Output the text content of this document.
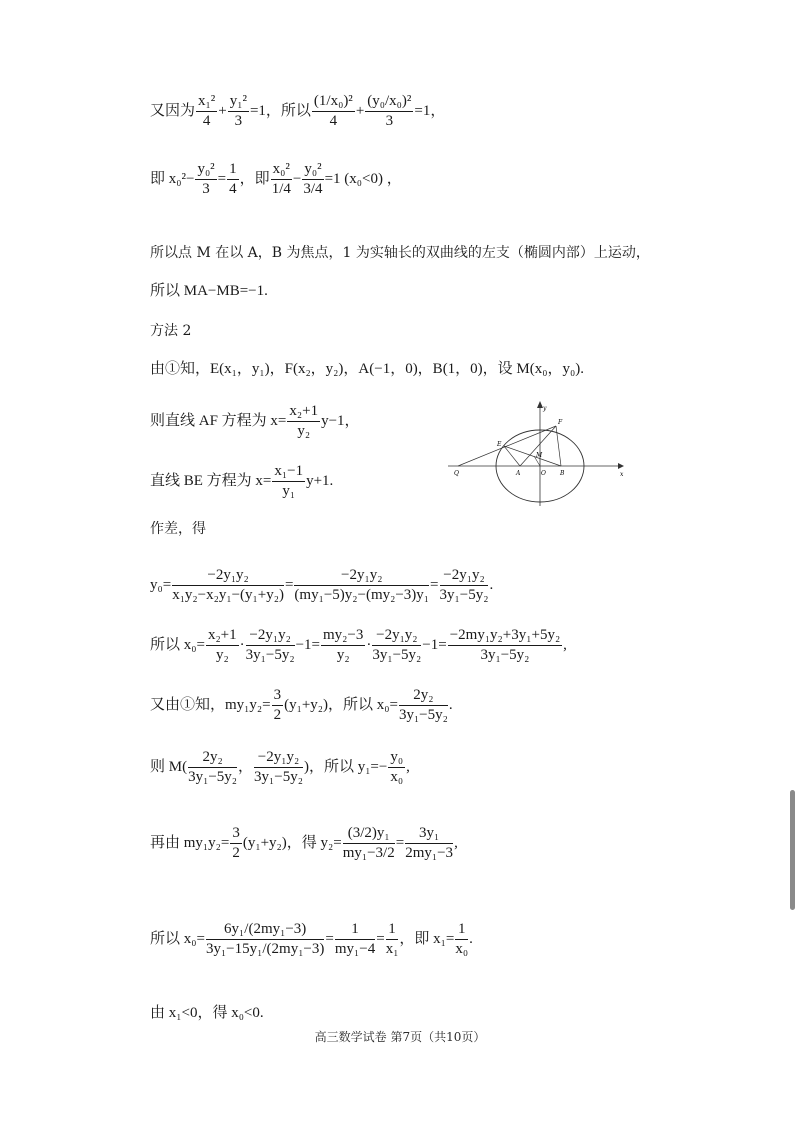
又因为 $\frac{\text{x₁²}}{4} + \frac{\text{y₁²}}{3} =1$，所以 $\frac{\text{(1/x₀)²}}{4} + \frac{\text{(y₀/x₀)²}}{3} =1$，
即 $x_0^2- \frac{\text{y₀²}}{3} = \frac{1}{4}$ ，即 $\frac{\text{x₀²}}{1/4} - \frac{\text{y₀²}}{3/4} =1$ (x₀<0) ，
所以点 M 在以 A，B 为焦点，1 为实轴长的双曲线的左支（椭圆内部）上运动，
所以 MA−MB=−1.
方法 2
由①知，E(x₁，y₁)，F(x₂，y₂)，A(−1，0)，B(1，0)，设 M(x₀，y₀).
则直线 AF 方程为 $x= \frac{\text{x₂+1}}{\text{y₂}} y-1$，
直线 BE 方程为 $x= \frac{\text{x₁−1}}{\text{y₁}} y+1$.
y
x
E
F
A	O B
M
Q
作差，得
$y_0= \frac{\text{−2y₁y₂}}{\text{x₁y₂−x₂y₁−(y₁+y₂)}} = \frac{\text{−2y₁y₂}}{\text{(my₁−5)y₂−(my₂−3)y₁}} = \frac{\text{−2y₁y₂}}{\text{3y₁−5y₂}}$ .
所以 $x_0= \frac{\text{x₂+1}}{\text{y₂}} \cdot \frac{\text{−2y₁y₂}}{\text{3y₁−5y₂}} -1= \frac{\text{my₂−3}}{\text{y₂}} \cdot \frac{\text{−2y₁y₂}}{\text{3y₁−5y₂}} -1= \frac{\text{−2my₁y₂+3y₁+5y₂}}{\text{3y₁−5y₂}}$ ,
又由①知，$my_1y_2= \frac{3}{2} (y_1+y_2)$，所以 $x_0= \frac{\text{2y₂}}{\text{3y₁−5y₂}}$ .
则 $M( \frac{\text{2y₂}}{\text{3y₁−5y₂}}$ ， $\frac{\text{−2y₁y₂}}{\text{3y₁−5y₂}}$ )，所以 $y_1=- \frac{\text{y₀}}{\text{x₀}}$ ,
再由 $my_1y_2= \frac{3}{2} (y_1+y_2)$，得 $y_2= \frac{\text{(3/2)y₁}}{\text{my₁−3/2}} = \frac{\text{3y₁}}{\text{2my₁−3}}$ ,
所以 $x_0= \frac{\text{6y₁/(2my₁−3)}}{\text{3y₁−15y₁/(2my₁−3)}} = \frac{1}{\text{my₁−4}} = \frac{1}{\text{x₁}}$ ，即 $x_1= \frac{1}{\text{x₀}}$ .
由 x₁<0，得 x₀<0.
高三数学试卷 第7页（共10页）
